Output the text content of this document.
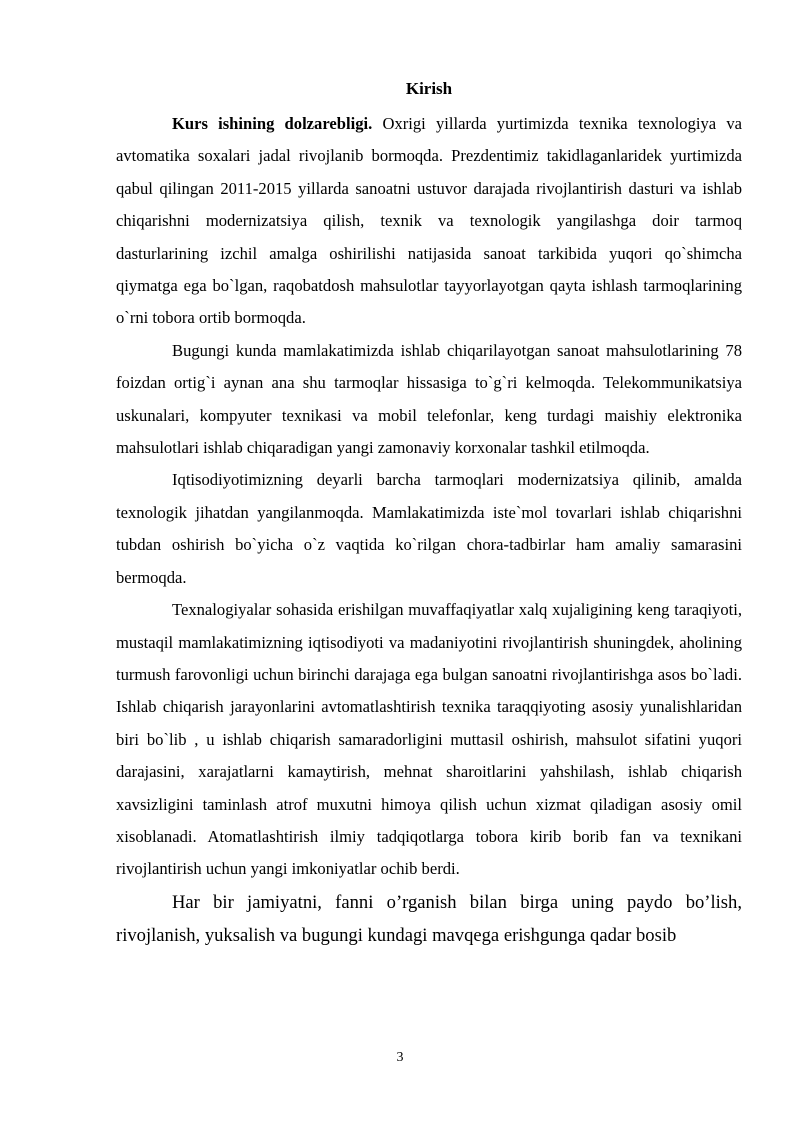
Kirish

Kurs ishining dolzarebligi. Oxrigi yillarda yurtimizda texnika texnologiya va avtomatika soxalari jadal rivojlanib bormoqda. Prezdentimiz takidlaganlaridek yurtimizda qabul qilingan 2011-2015 yillarda sanoatni ustuvor darajada rivojlantirish dasturi va ishlab chiqarishni modernizatsiya qilish, texnik va texnologik yangilashga doir tarmoq dasturlarining izchil amalga oshirilishi natijasida sanoat tarkibida yuqori qo`shimcha qiymatga ega bo`lgan, raqobatdosh mahsulotlar tayyorlayotgan qayta ishlash tarmoqlarining o`rni tobora ortib bormoqda.

Bugungi kunda mamlakatimizda ishlab chiqarilayotgan sanoat mahsulotlarining 78 foizdan ortig`i aynan ana shu tarmoqlar hissasiga to`g`ri kelmoqda. Telekommunikatsiya uskunalari, kompyuter texnikasi va mobil telefonlar, keng turdagi maishiy elektronika mahsulotlari ishlab chiqaradigan yangi zamonaviy korxonalar tashkil etilmoqda.

Iqtisodiyotimizning deyarli barcha tarmoqlari modernizatsiya qilinib, amalda texnologik jihatdan yangilanmoqda. Mamlakatimizda iste`mol tovarlari ishlab chiqarishni tubdan oshirish bo`yicha o`z vaqtida ko`rilgan chora-tadbirlar ham amaliy samarasini bermoqda.

Texnalogiyalar sohasida erishilgan muvaffaqiyatlar xalq xujaligining keng taraqiyoti, mustaqil mamlakatimizning iqtisodiyoti va madaniyotini rivojlantirish shuningdek, aholining turmush farovonligi uchun birinchi darajaga ega bulgan sanoatni rivojlantirishga asos bo`ladi. Ishlab chiqarish jarayonlarini avtomatlashtirish texnika taraqqiyoting asosiy yunalishlaridan biri bo`lib , u ishlab chiqarish samaradorligini muttasil oshirish, mahsulot sifatini yuqori darajasini, xarajatlarni kamaytirish, mehnat sharoitlarini yahshilash, ishlab chiqarish xavsizligini taminlash atrof muxutni himoya qilish uchun xizmat qiladigan asosiy omil xisoblanadi. Atomatlashtirish ilmiy tadqiqotlarga tobora kirib borib fan va texnikani rivojlantirish uchun yangi imkoniyatlar ochib berdi.

Har bir jamiyatni, fanni o’rganish bilan birga uning paydo bo’lish, rivojlanish, yuksalish va bugungi kundagi mavqega erishgunga qadar bosib

3
